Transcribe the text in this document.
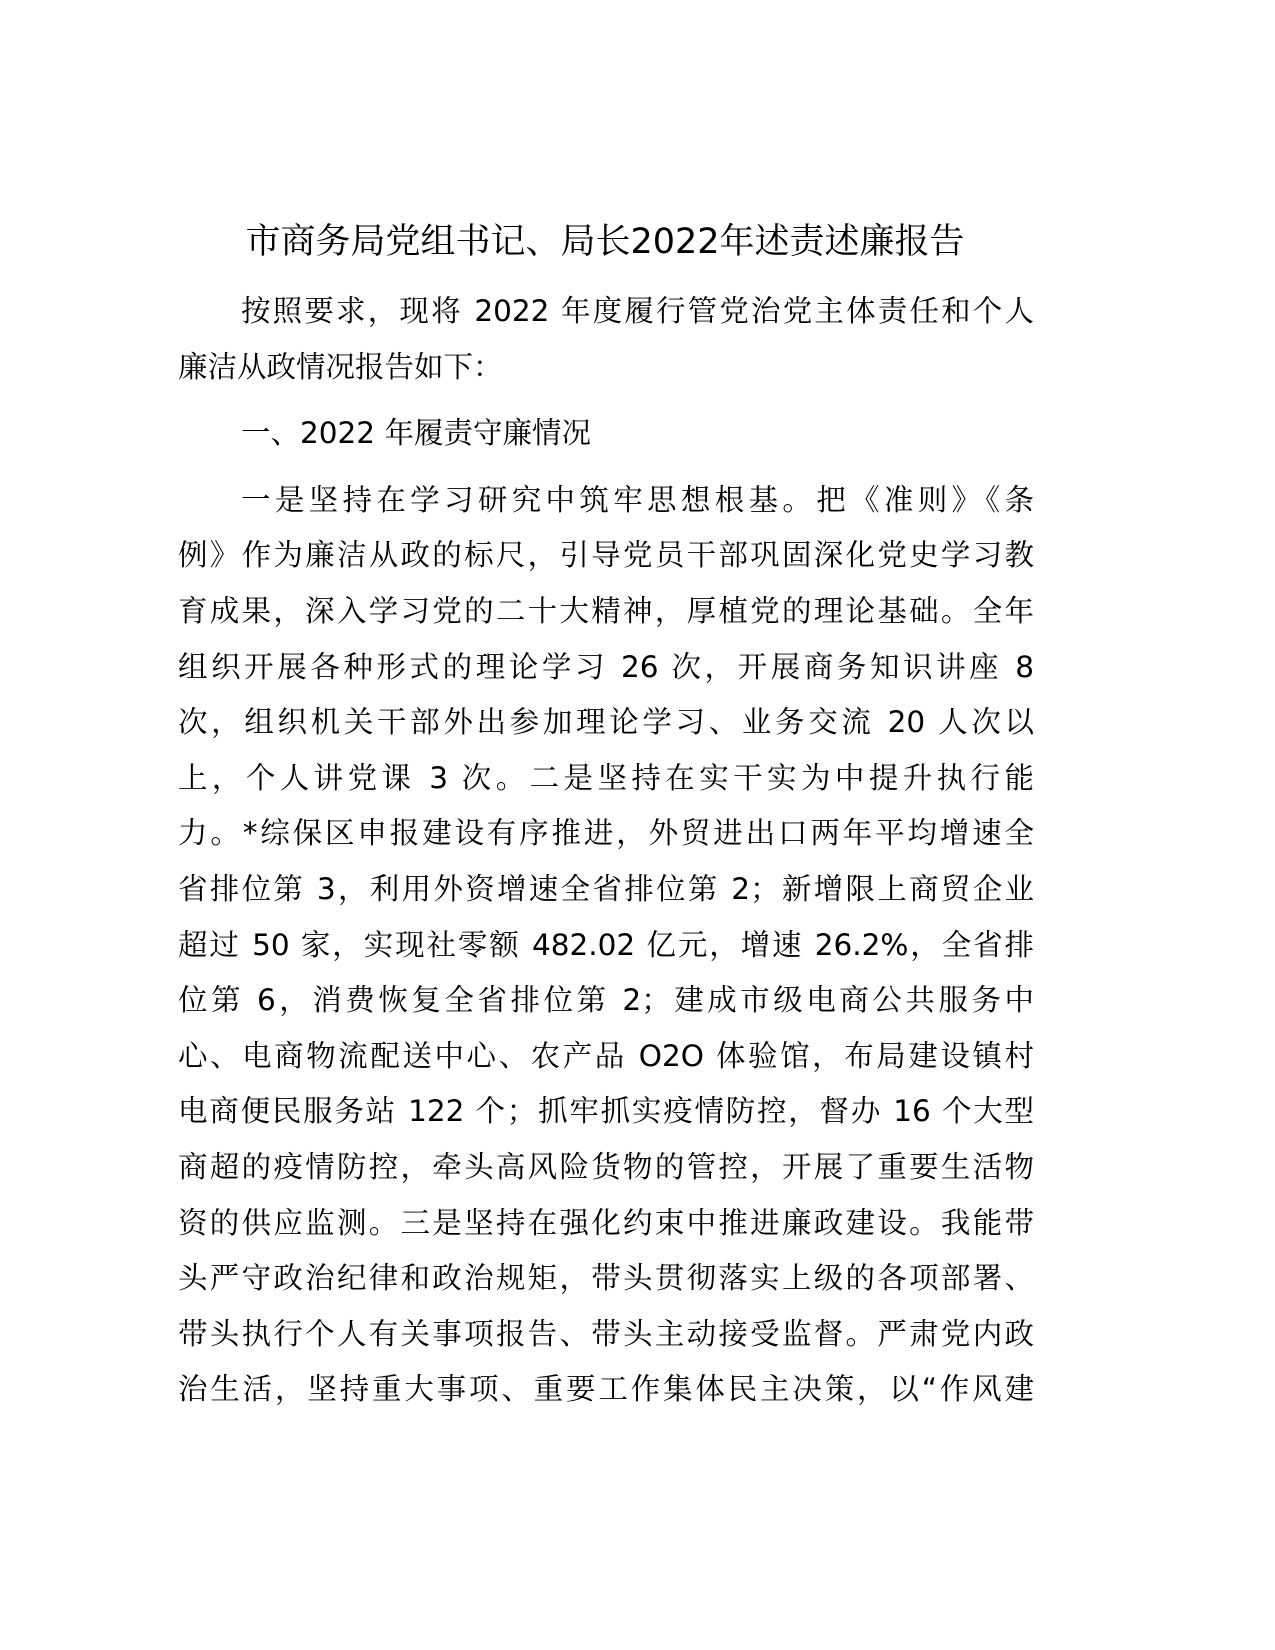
市商务局党组书记、局长2022年述责述廉报告
按照要求，现将 2022 年度履行管党治党主体责任和个人
廉洁从政情况报告如下：
一、2022 年履责守廉情况
一是坚持在学习研究中筑牢思想根基。把《准则》《条
例》作为廉洁从政的标尺，引导党员干部巩固深化党史学习教
育成果，深入学习党的二十大精神，厚植党的理论基础。全年
组织开展各种形式的理论学习 26 次，开展商务知识讲座 8
次，组织机关干部外出参加理论学习、业务交流 20 人次以
上，个人讲党课 3 次。二是坚持在实干实为中提升执行能
力。*综保区申报建设有序推进，外贸进出口两年平均增速全
省排位第 3，利用外资增速全省排位第 2；新增限上商贸企业
超过 50 家，实现社零额 482.02 亿元，增速 26.2%，全省排
位第 6，消费恢复全省排位第 2；建成市级电商公共服务中
心、电商物流配送中心、农产品 O2O 体验馆，布局建设镇村
电商便民服务站 122 个；抓牢抓实疫情防控，督办 16 个大型
商超的疫情防控，牵头高风险货物的管控，开展了重要生活物
资的供应监测。三是坚持在强化约束中推进廉政建设。我能带
头严守政治纪律和政治规矩，带头贯彻落实上级的各项部署、
带头执行个人有关事项报告、带头主动接受监督。严肃党内政
治生活，坚持重大事项、重要工作集体民主决策，以“作风建
